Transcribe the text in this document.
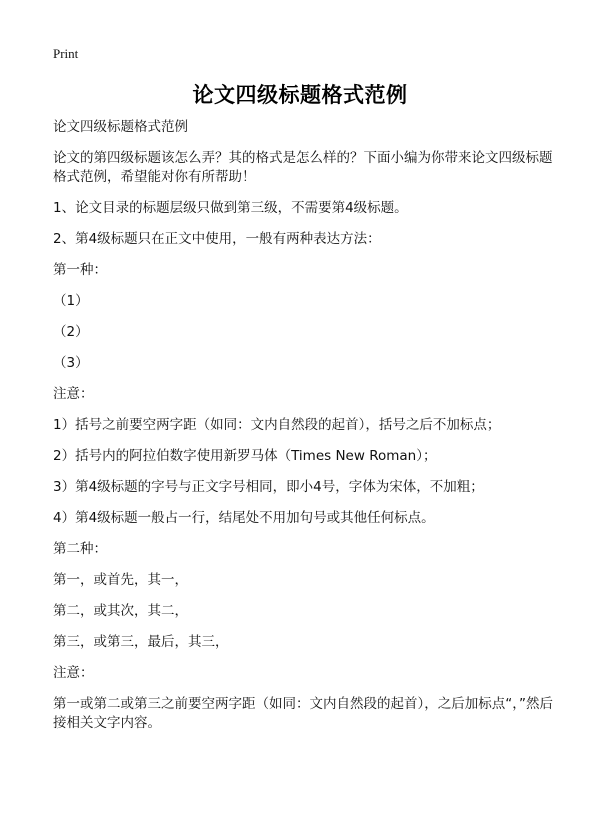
Print
论文四级标题格式范例

论文四级标题格式范例

论文的第四级标题该怎么弄？其的格式是怎么样的？下面小编为你带来论文四级标题格式范例，希望能对你有所帮助！

1、论文目录的标题层级只做到第三级，不需要第4级标题。

2、第4级标题只在正文中使用，一般有两种表达方法：

第一种：

（1）

（2）

（3）

注意：

1）括号之前要空两字距（如同：文内自然段的起首），括号之后不加标点；

2）括号内的阿拉伯数字使用新罗马体（Times New Roman）；

3）第4级标题的字号与正文字号相同，即小4号，字体为宋体，不加粗；

4）第4级标题一般占一行，结尾处不用加句号或其他任何标点。

第二种：

第一，或首先，其一，

第二，或其次，其二，

第三，或第三，最后，其三，

注意：

第一或第二或第三之前要空两字距（如同：文内自然段的起首），之后加标点“，”然后接相关文字内容。
